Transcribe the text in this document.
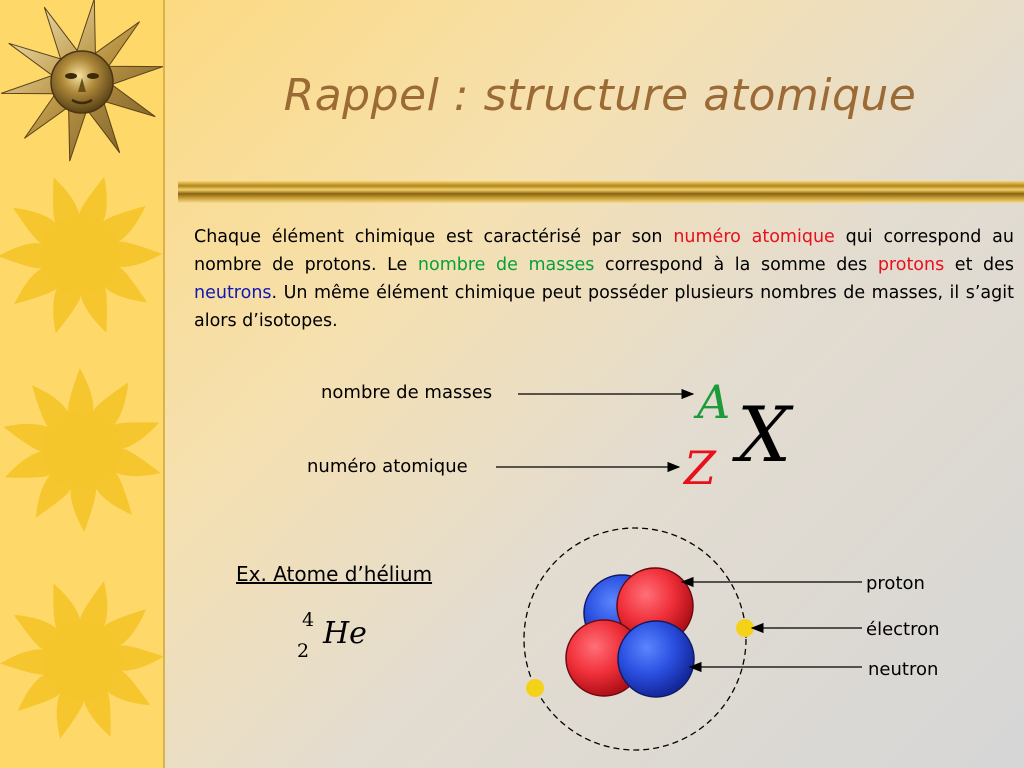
Rappel : structure atomique
Chaque élément chimique est caractérisé par son numéro atomique qui correspond au nombre de protons. Le nombre de masses correspond à la somme des protons et des neutrons. Un même élément chimique peut posséder plusieurs nombres de masses, il s’agit alors d’isotopes.
nombre de masses
numéro atomique
A
Z X
Ex. Atome d’hélium
4
2 He
proton
électron
neutron
